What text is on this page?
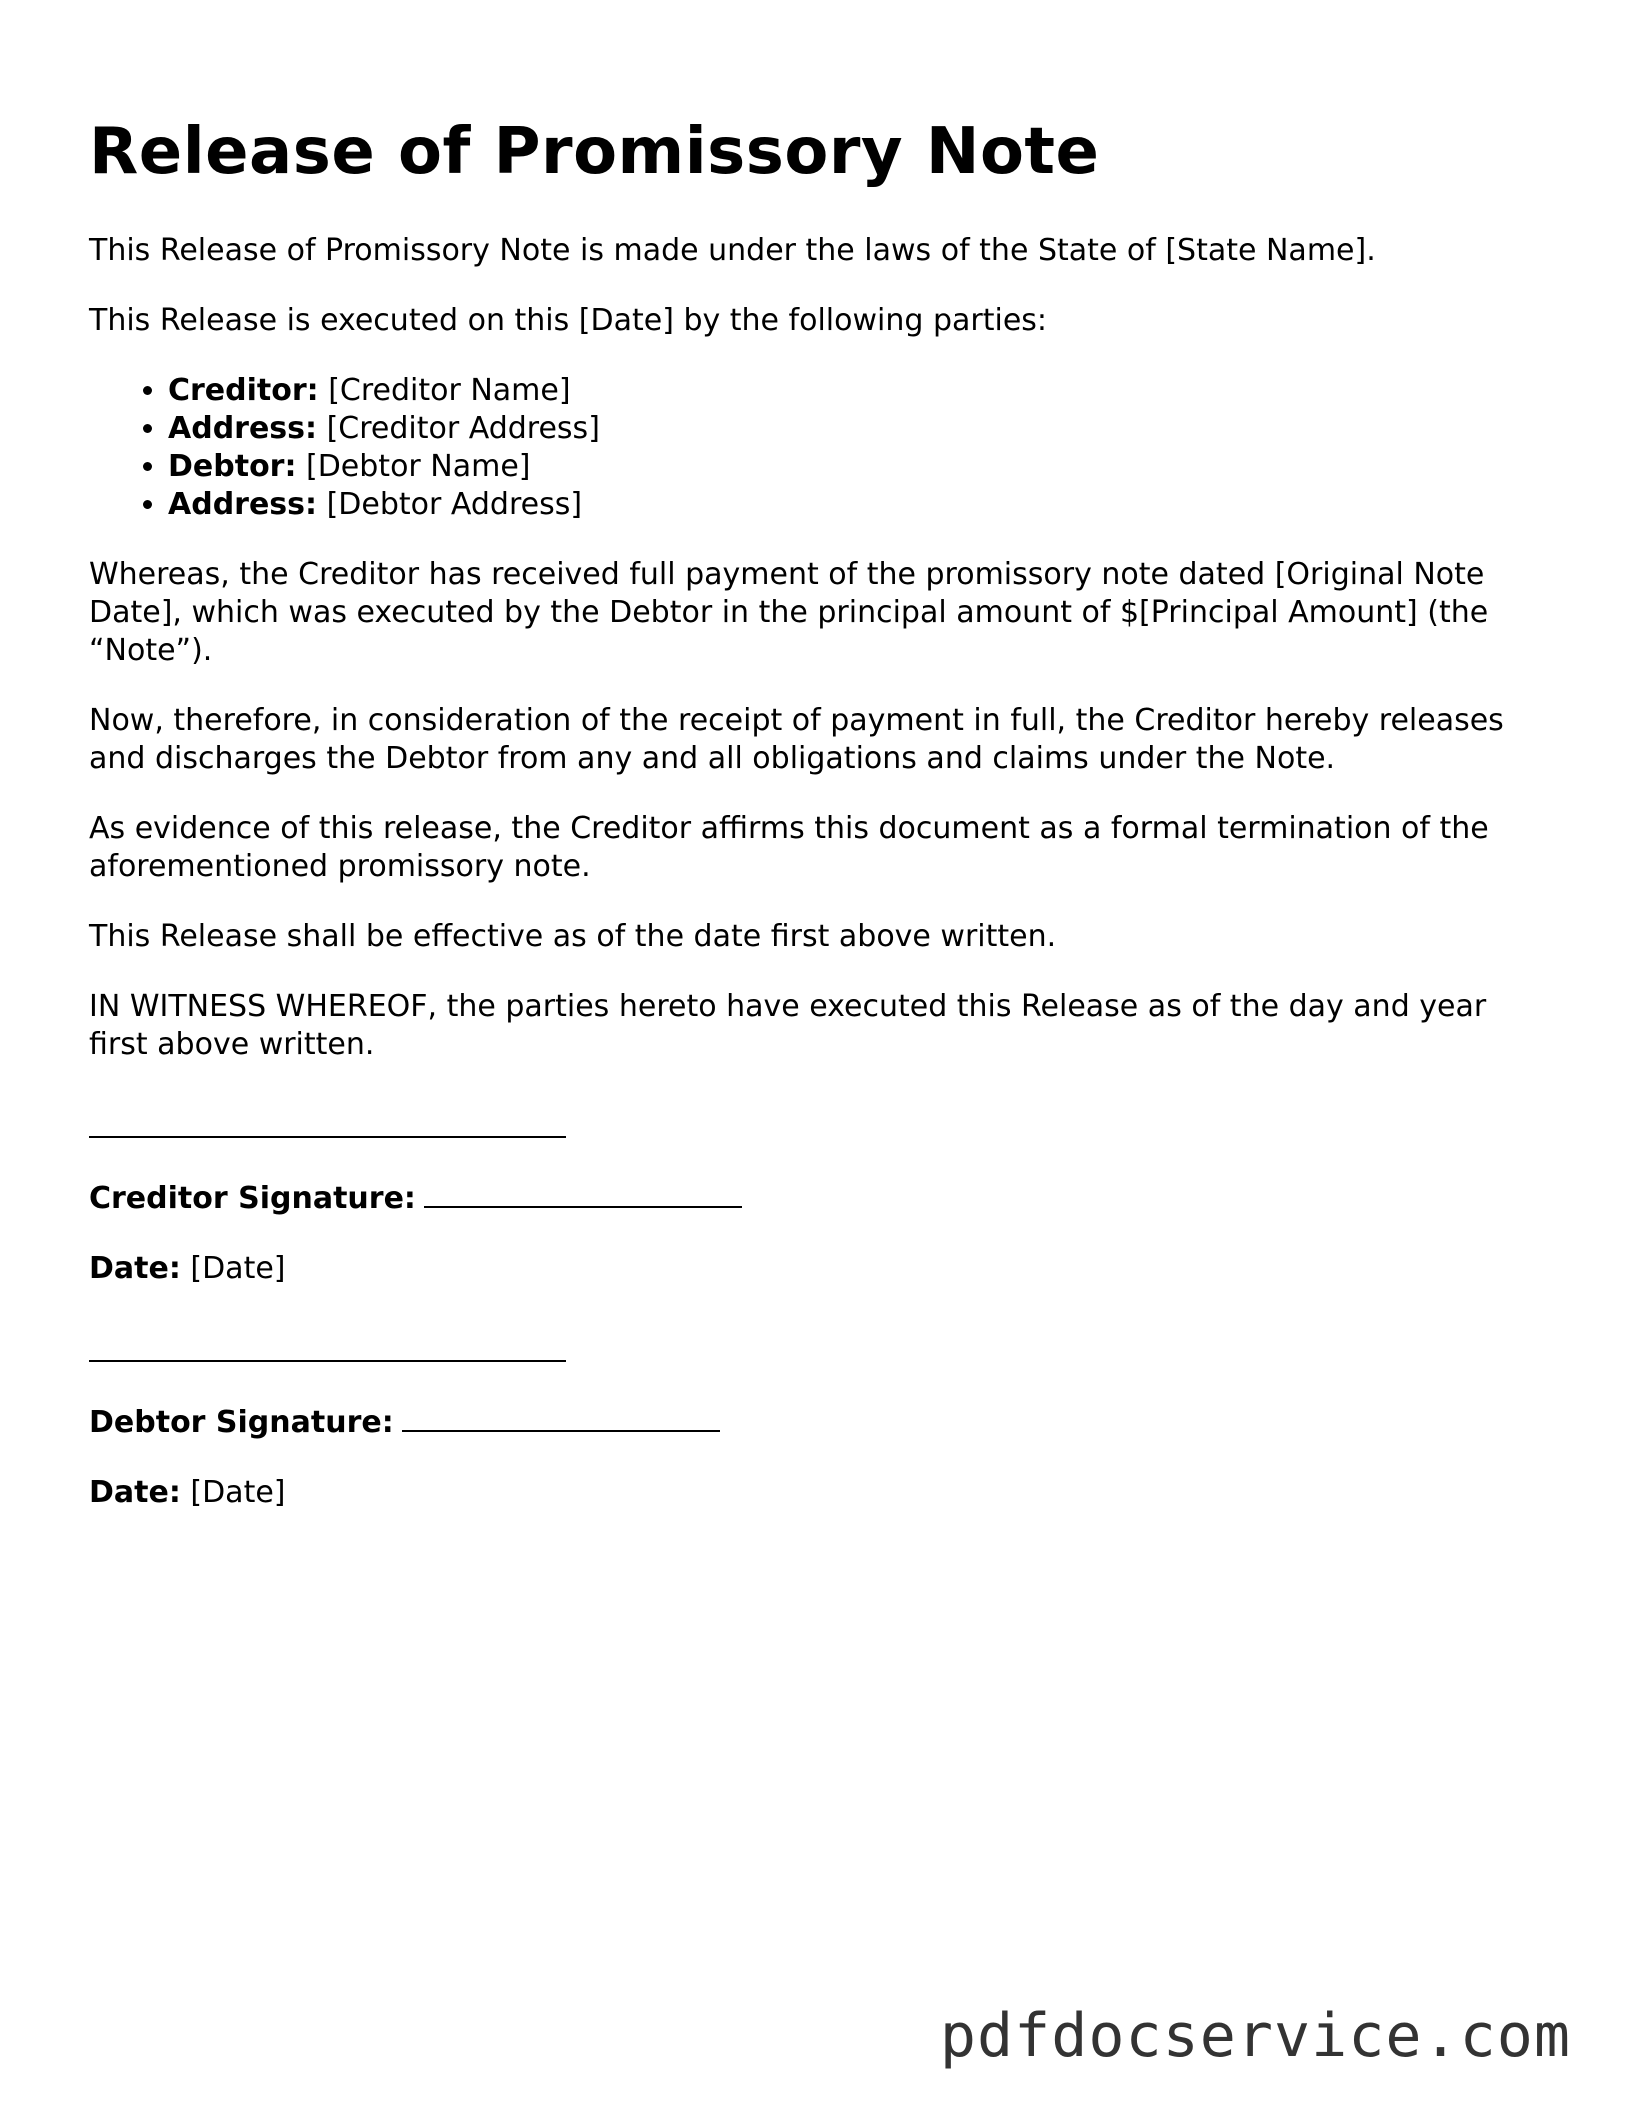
Release of Promissory Note

This Release of Promissory Note is made under the laws of the State of [State Name].

This Release is executed on this [Date] by the following parties:

• Creditor: [Creditor Name]
• Address: [Creditor Address]
• Debtor: [Debtor Name]
• Address: [Debtor Address]

Whereas, the Creditor has received full payment of the promissory note dated [Original Note Date], which was executed by the Debtor in the principal amount of $[Principal Amount] (the “Note”).

Now, therefore, in consideration of the receipt of payment in full, the Creditor hereby releases and discharges the Debtor from any and all obligations and claims under the Note.

As evidence of this release, the Creditor affirms this document as a formal termination of the aforementioned promissory note.

This Release shall be effective as of the date first above written.

IN WITNESS WHEREOF, the parties hereto have executed this Release as of the day and year first above written.

Creditor Signature:

Date: [Date]

Debtor Signature:

Date: [Date]

pdfdocservice.com
